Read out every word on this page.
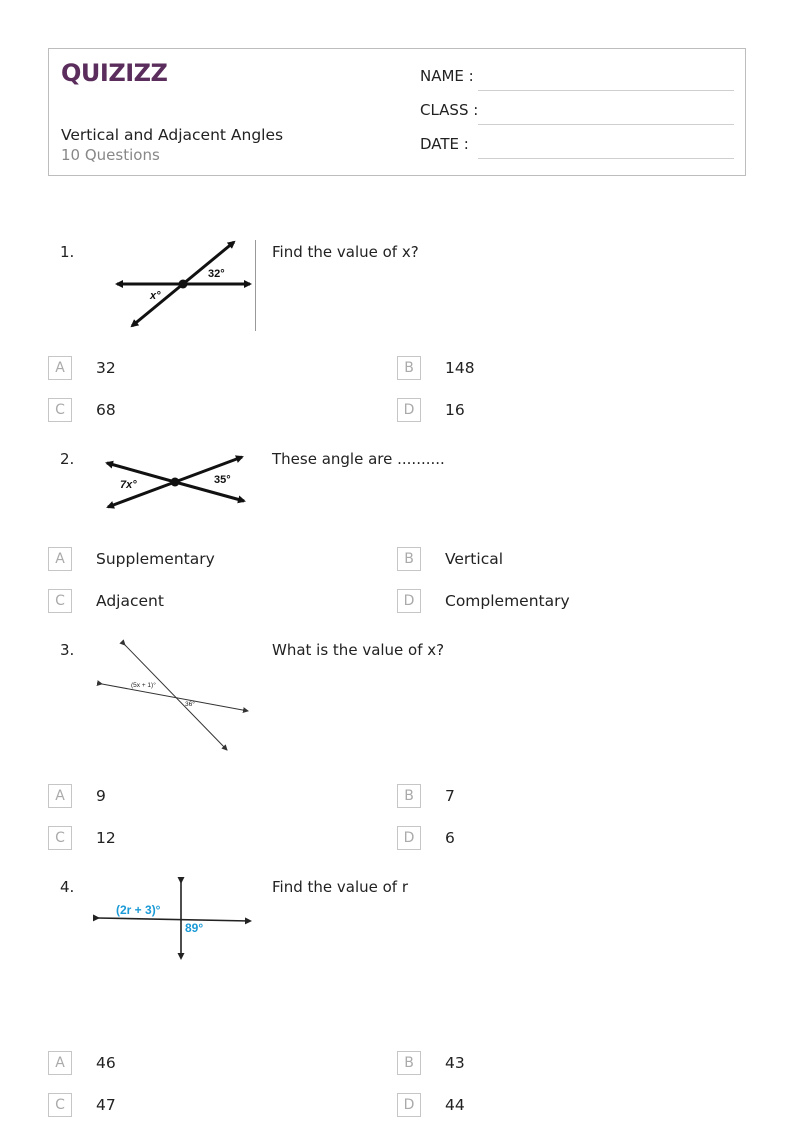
QUIZIZZ
Vertical and Adjacent Angles
10 Questions
NAME :
CLASS :
DATE :
1.
32°
x°
Find the value of x?
A	32	B	148
C	68	D	16
2.
7x°	35°
These angle are ..........
A	Supplementary	B	Vertical
C	Adjacent	D	Complementary
3.
(5x + 1)°
36°
What is the value of x?
A	9	B	7
C	12	D	6
4.
(2r + 3)°
89°
Find the value of r
A	46	B	43
C	47	D	44
